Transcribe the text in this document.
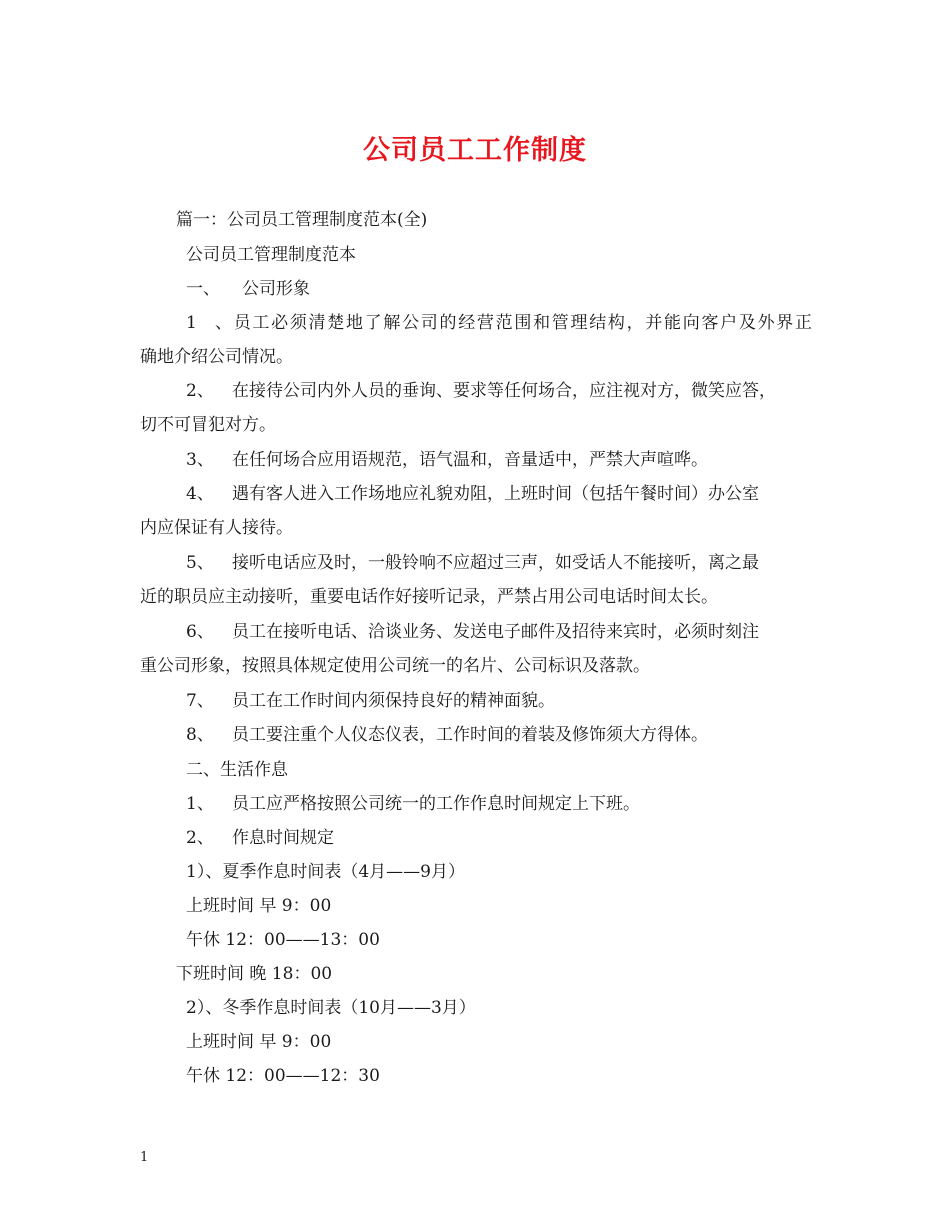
公司员工工作制度
篇一：公司员工管理制度范本(全)
公司员工管理制度范本
一、 公司形象
1、员工必须清楚地了解公司的经营范围和管理结构，并能向客户及外界正
确地介绍公司情况。
2、 在接待公司内外人员的垂询、要求等任何场合，应注视对方，微笑应答，
切不可冒犯对方。
3、 在任何场合应用语规范，语气温和，音量适中，严禁大声喧哗。
4、 遇有客人进入工作场地应礼貌劝阻，上班时间（包括午餐时间）办公室
内应保证有人接待。
5、 接听电话应及时，一般铃响不应超过三声，如受话人不能接听，离之最
近的职员应主动接听，重要电话作好接听记录，严禁占用公司电话时间太长。
6、 员工在接听电话、洽谈业务、发送电子邮件及招待来宾时，必须时刻注
重公司形象，按照具体规定使用公司统一的名片、公司标识及落款。
7、 员工在工作时间内须保持良好的精神面貌。
8、 员工要注重个人仪态仪表，工作时间的着装及修饰须大方得体。
二、生活作息
1、 员工应严格按照公司统一的工作作息时间规定上下班。
2、 作息时间规定
1）、夏季作息时间表（4月——9月）
上班时间 早 9：00
午休 12：00——13：00
下班时间 晚 18：00
2）、冬季作息时间表（10月——3月）
上班时间 早 9：00
午休 12：00——12：30
1
